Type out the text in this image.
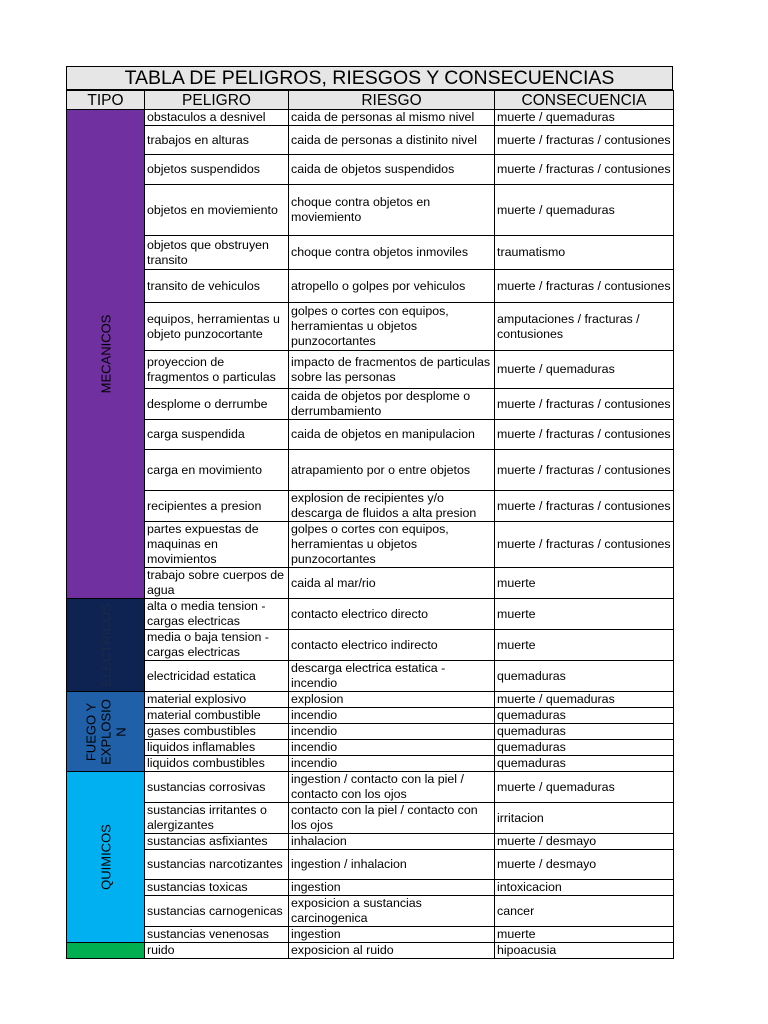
TABLA DE PELIGROS, RIESGOS Y CONSECUENCIAS
TIPO	PELIGRO	RIESGO	CONSECUENCIA

MECANICOS	obstaculos a desnivel	caida de personas al mismo nivel	muerte / quemaduras
	trabajos en alturas	caida de personas a distinito nivel	muerte / fracturas / contusiones
	objetos suspendidos	caida de objetos suspendidos	muerte / fracturas / contusiones
	objetos en moviemiento	choque contra objetos en moviemiento	muerte / quemaduras
	objetos que obstruyen transito	choque contra objetos inmoviles	traumatismo
	transito de vehiculos	atropello o golpes por vehiculos	muerte / fracturas / contusiones
	equipos, herramientas u objeto punzocortante	golpes o cortes con equipos, herramientas u objetos punzocortantes	amputaciones / fracturas / contusiones
	proyeccion de fragmentos o particulas	impacto de fracmentos de particulas sobre las personas	muerte / quemaduras
	desplome o derrumbe	caida de objetos por desplome o derrumbamiento	muerte / fracturas / contusiones
	carga suspendida	caida de objetos en manipulacion	muerte / fracturas / contusiones
	carga en movimiento	atrapamiento por o entre objetos	muerte / fracturas / contusiones
	recipientes a presion	explosion de recipientes y/o descarga de fluidos a alta presion	muerte / fracturas / contusiones
	partes expuestas de maquinas en movimientos	golpes o cortes con equipos, herramientas u objetos punzocortantes	muerte / fracturas / contusiones
	trabajo sobre cuerpos de agua	caida al mar/rio	muerte

ELECTRICOS	alta o media tension - cargas electricas	contacto electrico directo	muerte
	media o baja tension - cargas electricas	contacto electrico indirecto	muerte
	electricidad estatica	descarga electrica estatica - incendio	quemaduras

FUEGO Y EXPLOSIO N	material explosivo	explosion	muerte / quemaduras
	material combustible	incendio	quemaduras
	gases combustibles	incendio	quemaduras
	liquidos inflamables	incendio	quemaduras
	liquidos combustibles	incendio	quemaduras

QUIMICOS	sustancias corrosivas	ingestion / contacto con la piel / contacto con los ojos	muerte / quemaduras
	sustancias irritantes o alergizantes	contacto con la piel / contacto con los ojos	irritacion
	sustancias asfixiantes	inhalacion	muerte / desmayo
	sustancias narcotizantes	ingestion / inhalacion	muerte / desmayo
	sustancias toxicas	ingestion	intoxicacion
	sustancias carnogenicas	exposicion a sustancias carcinogenica	cancer
	sustancias venenosas	ingestion	muerte
	ruido	exposicion al ruido	hipoacusia
